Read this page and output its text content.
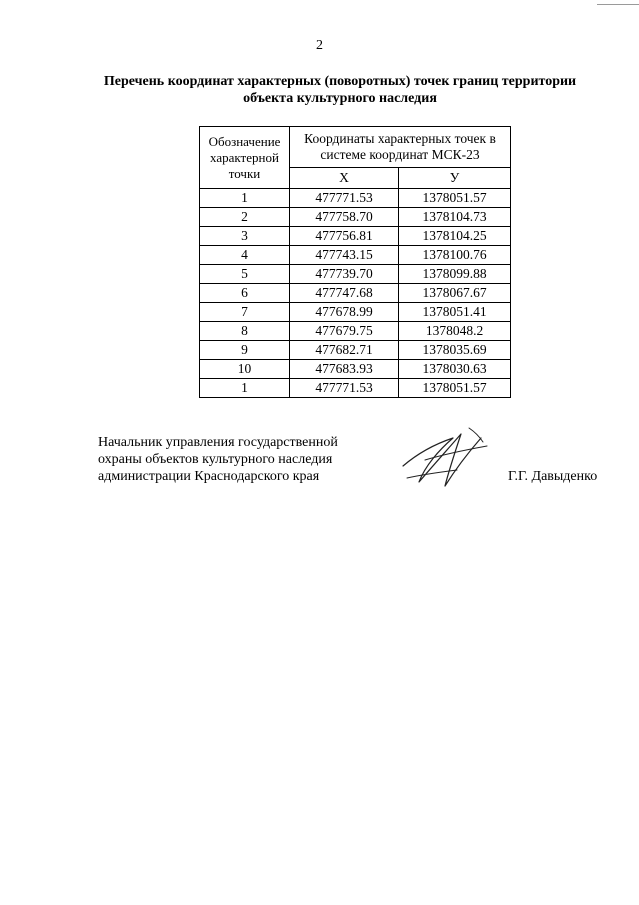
2
Перечень координат характерных (поворотных) точек границ территории
объекта культурного наследия
Обозначение характерной точки	Координаты характерных точек в системе координат МСК-23	
	X	У
1	477771.53	1378051.57
2	477758.70	1378104.73
3	477756.81	1378104.25
4	477743.15	1378100.76
5	477739.70	1378099.88
6	477747.68	1378067.67
7	477678.99	1378051.41
8	477679.75	1378048.2
9	477682.71	1378035.69
10	477683.93	1378030.63
1	477771.53	1378051.57
Начальник управления государственной
охраны объектов культурного наследия
администрации Краснодарского края	Г.Г. Давыденко
